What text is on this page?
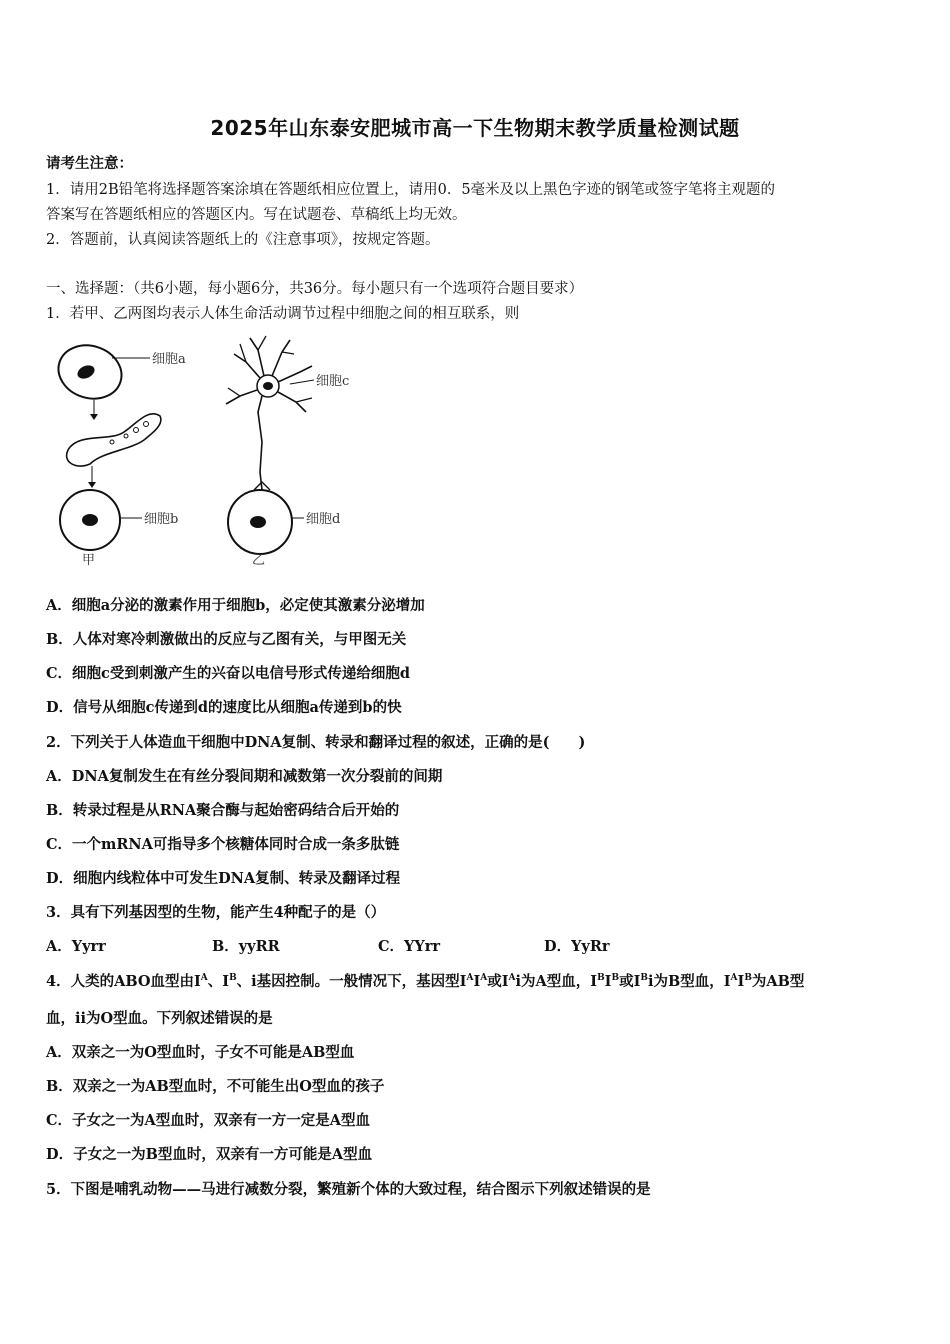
2025年山东泰安肥城市高一下生物期末教学质量检测试题
请考生注意：
1．请用2B铅笔将选择题答案涂填在答题纸相应位置上，请用0．5毫米及以上黑色字迹的钢笔或签字笔将主观题的
答案写在答题纸相应的答题区内。写在试题卷、草稿纸上均无效。
2．答题前，认真阅读答题纸上的《注意事项》，按规定答题。
一、选择题：（共6小题，每小题6分，共36分。每小题只有一个选项符合题目要求）
1．若甲、乙两图均表示人体生命活动调节过程中细胞之间的相互联系，则
细胞a
细胞b
甲
细胞c
细胞d
乙
A．细胞a分泌的激素作用于细胞b，必定使其激素分泌增加
B．人体对寒冷刺激做出的反应与乙图有关，与甲图无关
C．细胞c受到刺激产生的兴奋以电信号形式传递给细胞d
D．信号从细胞c传递到d的速度比从细胞a传递到b的快
2．下列关于人体造血干细胞中DNA复制、转录和翻译过程的叙述，正确的是(　　)
A．DNA复制发生在有丝分裂间期和减数第一次分裂前的间期
B．转录过程是从RNA聚合酶与起始密码结合后开始的
C．一个mRNA可指导多个核糖体同时合成一条多肽链
D．细胞内线粒体中可发生DNA复制、转录及翻译过程
3．具有下列基因型的生物，能产生4种配子的是（）
A．Yyrr	B．yyRR	C．YYrr	D．YyRr
4．人类的ABO血型由$I^A$、$I^B$、i基因控制。一般情况下，基因型$I^AI^A$或$I^Ai$为A型血，$I^BI^B$或$I^Bi$为B型血，$I^AI^B$为AB型
血，ii为O型血。下列叙述错误的是
A．双亲之一为O型血时，子女不可能是AB型血
B．双亲之一为AB型血时，不可能生出O型血的孩子
C．子女之一为A型血时，双亲有一方一定是A型血
D．子女之一为B型血时，双亲有一方可能是A型血
5．下图是哺乳动物——马进行减数分裂，繁殖新个体的大致过程，结合图示下列叙述错误的是
